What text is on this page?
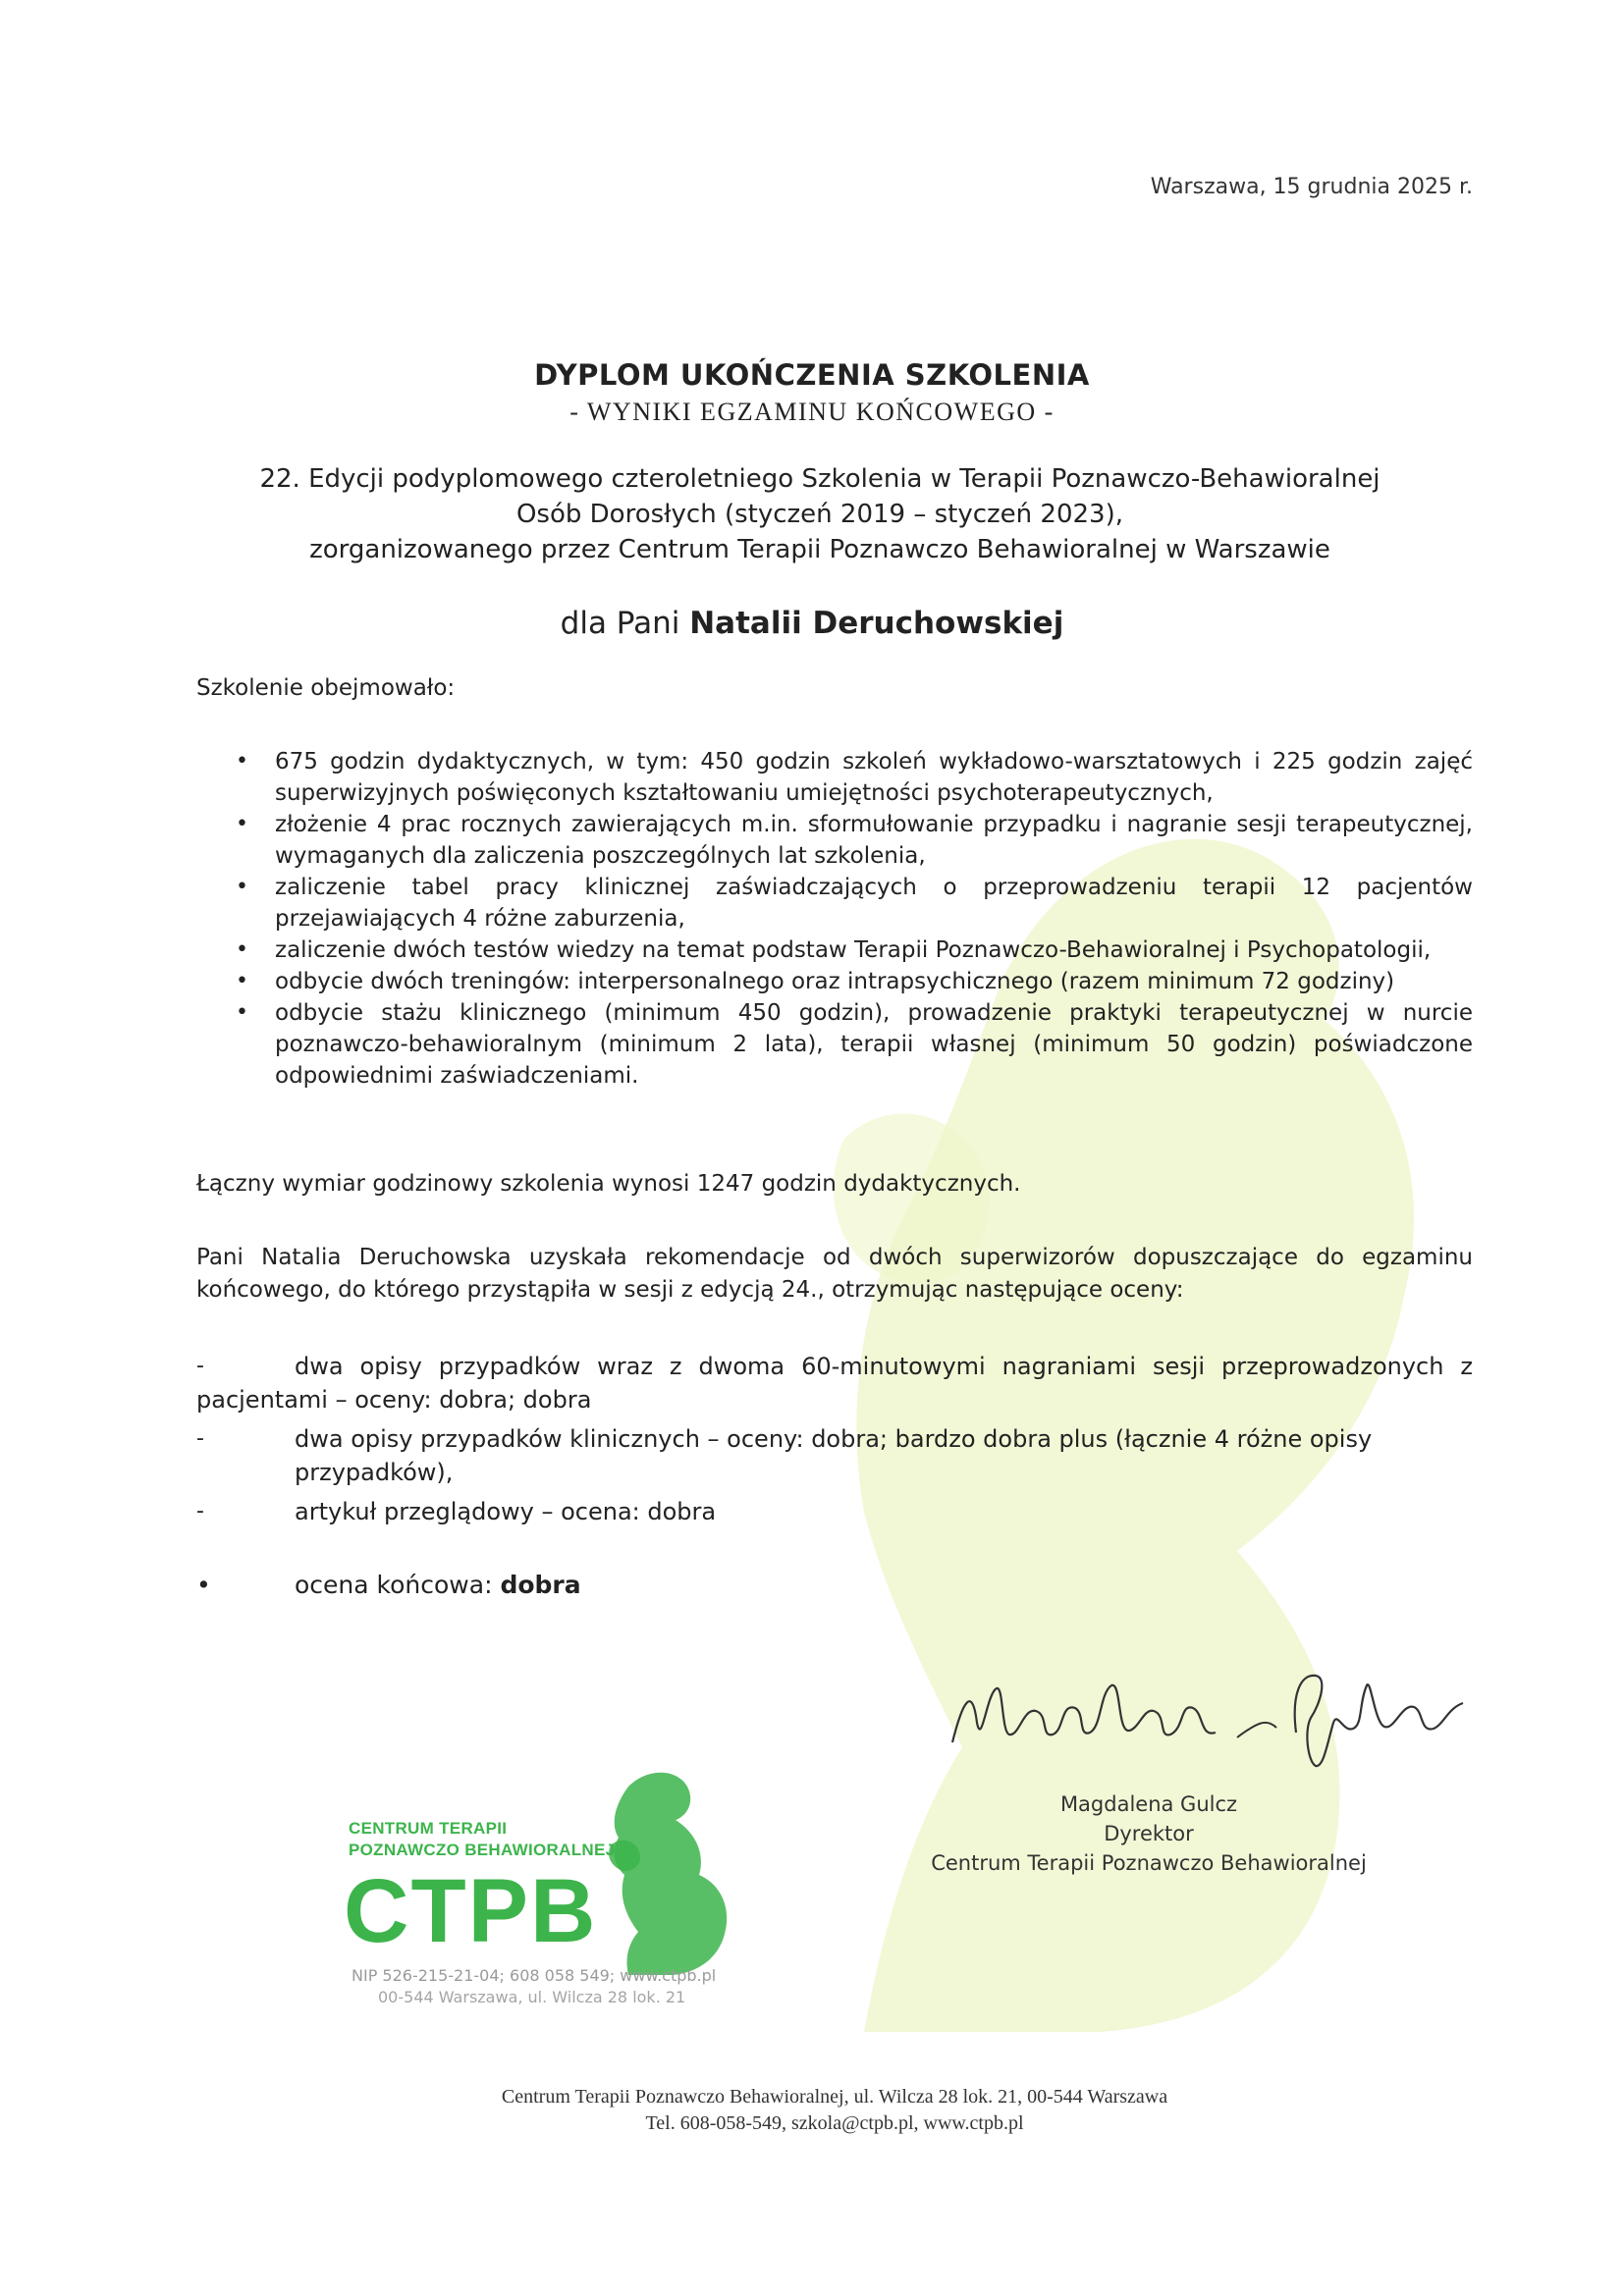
Warszawa, 15 grudnia 2025 r.
DYPLOM UKOŃCZENIA SZKOLENIA
- WYNIKI EGZAMINU KOŃCOWEGO -
22. Edycji podyplomowego czteroletniego Szkolenia w Terapii Poznawczo-Behawioralnej
Osób Dorosłych (styczeń 2019 – styczeń 2023),
zorganizowanego przez Centrum Terapii Poznawczo Behawioralnej w Warszawie
dla Pani Natalii Deruchowskiej
Szkolenie obejmowało:
• 675 godzin dydaktycznych, w tym: 450 godzin szkoleń wykładowo-warsztatowych i 225 godzin zajęć superwizyjnych poświęconych kształtowaniu umiejętności psychoterapeutycznych,
• złożenie 4 prac rocznych zawierających m.in. sformułowanie przypadku i nagranie sesji terapeutycznej, wymaganych dla zaliczenia poszczególnych lat szkolenia,
• zaliczenie tabel pracy klinicznej zaświadczających o przeprowadzeniu terapii 12 pacjentów przejawiających 4 różne zaburzenia,
• zaliczenie dwóch testów wiedzy na temat podstaw Terapii Poznawczo-Behawioralnej i Psychopatologii,
• odbycie dwóch treningów: interpersonalnego oraz intrapsychicznego (razem minimum 72 godziny)
• odbycie stażu klinicznego (minimum 450 godzin), prowadzenie praktyki terapeutycznej w nurcie poznawczo-behawioralnym (minimum 2 lata), terapii własnej (minimum 50 godzin) poświadczone odpowiednimi zaświadczeniami.
Łączny wymiar godzinowy szkolenia wynosi 1247 godzin dydaktycznych.
Pani Natalia Deruchowska uzyskała rekomendacje od dwóch superwizorów dopuszczające do egzaminu końcowego, do którego przystąpiła w sesji z edycją 24., otrzymując następujące oceny:
-	dwa opisy przypadków wraz z dwoma 60-minutowymi nagraniami sesji przeprowadzonych z pacjentami – oceny: dobra; dobra
-	dwa opisy przypadków klinicznych – oceny: dobra; bardzo dobra plus (łącznie 4 różne opisy przypadków),
-	artykuł przeglądowy – ocena: dobra
•	ocena końcowa: dobra
Magdalena Gulcz
Dyrektor
Centrum Terapii Poznawczo Behawioralnej
CENTRUM TERAPII
POZNAWCZO BEHAWIORALNEJ
CTPB
NIP 526-215-21-04; 608 058 549; www.ctpb.pl
00-544 Warszawa, ul. Wilcza 28 lok. 21
Centrum Terapii Poznawczo Behawioralnej, ul. Wilcza 28 lok. 21, 00-544 Warszawa
Tel. 608-058-549, szkola@ctpb.pl, www.ctpb.pl
